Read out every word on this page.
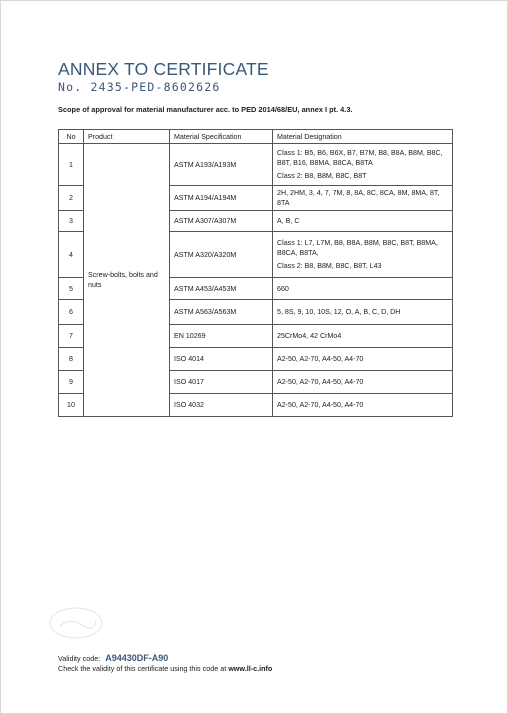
ANNEX TO CERTIFICATE
No. 2435-PED-8602626
Scope of approval for material manufacturer acc. to PED 2014/68/EU, annex I pt. 4.3.
No	Product	Material Specification	Material Designation
1	Screw-bolts, bolts and nuts	ASTM A193/A193M	Class 1: B5, B6, B6X, B7, B7M, B8, B8A, B8M, B8C, B8T, B16, B8MA, B8CA, B8TA
Class 2: B8, B8M, B8C, B8T

2		ASTM A194/A194M	2H, 2HM, 3, 4, 7, 7M, 8, 8A, 8C, 8CA, 8M, 8MA, 8T, 8TA
3		ASTM A307/A307M	A, B, C
4		ASTM A320/A320M	Class 1: L7, L7M, B8, B8A, B8M, B8C, B8T, B8MA, B8CA, B8TA,
Class 2: B8, B8M, B8C, B8T, L43

5		ASTM A453/A453M	660
6		ASTM A563/A563M	5, 8S, 9, 10, 10S, 12, O, A, B, C, D, DH
7		EN 10269	25CrMo4, 42 CrMo4
8		ISO 4014	A2-50, A2-70, A4-50, A4-70
9		ISO 4017	A2-50, A2-70, A4-50, A4-70
10		ISO 4032	A2-50, A2-70, A4-50, A4-70
Validity code: A94430DF-A90
Check the validity of this certificate using this code at www.ll-c.info
